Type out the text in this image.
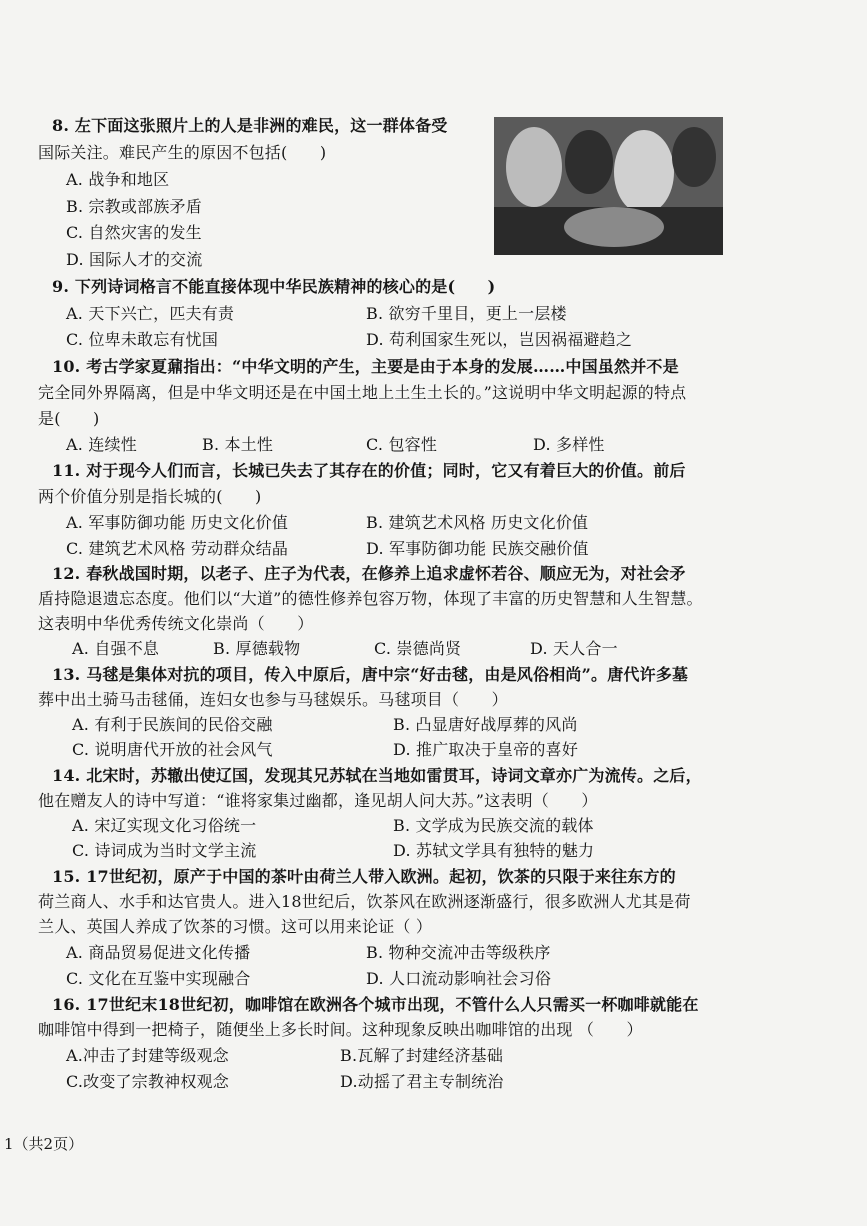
8. 左下面这张照片上的人是非洲的难民，这一群体备受
国际关注。难民产生的原因不包括(　　)
A. 战争和地区
B. 宗教或部族矛盾
C. 自然灾害的发生
D. 国际人才的交流
9. 下列诗词格言不能直接体现中华民族精神的核心的是(　　)
A. 天下兴亡，匹夫有责	B. 欲穷千里目，更上一层楼
C. 位卑未敢忘有忧国	D. 苟利国家生死以，岂因祸福避趋之
10. 考古学家夏鼐指出：“中华文明的产生，主要是由于本身的发展……中国虽然并不是
完全同外界隔离，但是中华文明还是在中国土地上土生土长的。”这说明中华文明起源的特点
是(　　)
A. 连续性	B. 本土性	C. 包容性	D. 多样性
11. 对于现今人们而言，长城已失去了其存在的价值；同时，它又有着巨大的价值。前后
两个价值分别是指长城的(　　)
A. 军事防御功能 历史文化价值	B. 建筑艺术风格 历史文化价值
C. 建筑艺术风格 劳动群众结晶	D. 军事防御功能 民族交融价值
12. 春秋战国时期，以老子、庄子为代表，在修养上追求虚怀若谷、顺应无为，对社会矛
盾持隐退遗忘态度。他们以“大道”的德性修养包容万物，体现了丰富的历史智慧和人生智慧。
这表明中华优秀传统文化崇尚（　　）
A. 自强不息	B. 厚德载物	C. 崇德尚贤	D. 天人合一
13. 马毬是集体对抗的项目，传入中原后，唐中宗“好击毬，由是风俗相尚”。唐代许多墓
葬中出土骑马击毬俑，连妇女也参与马毬娱乐。马毬项目（　　）
A. 有利于民族间的民俗交融	B. 凸显唐好战厚葬的风尚
C. 说明唐代开放的社会风气	D. 推广取决于皇帝的喜好
14. 北宋时，苏辙出使辽国，发现其兄苏轼在当地如雷贯耳，诗词文章亦广为流传。之后，
他在赠友人的诗中写道：“谁将家集过幽都，逢见胡人问大苏。”这表明（　　）
A. 宋辽实现文化习俗统一	B. 文学成为民族交流的载体
C. 诗词成为当时文学主流	D. 苏轼文学具有独特的魅力
15. 17世纪初，原产于中国的茶叶由荷兰人带入欧洲。起初，饮茶的只限于来往东方的
荷兰商人、水手和达官贵人。进入18世纪后，饮茶风在欧洲逐渐盛行，很多欧洲人尤其是荷
兰人、英国人养成了饮茶的习惯。这可以用来论证（ ）
A. 商品贸易促进文化传播	B. 物种交流冲击等级秩序
C. 文化在互鉴中实现融合	D. 人口流动影响社会习俗
16. 17世纪末18世纪初，咖啡馆在欧洲各个城市出现，不管什么人只需买一杯咖啡就能在
咖啡馆中得到一把椅子，随便坐上多长时间。这种现象反映出咖啡馆的出现 （　　）
A.冲击了封建等级观念	B.瓦解了封建经济基础
C.改变了宗教神权观念	D.动摇了君主专制统治
1（共2页）
